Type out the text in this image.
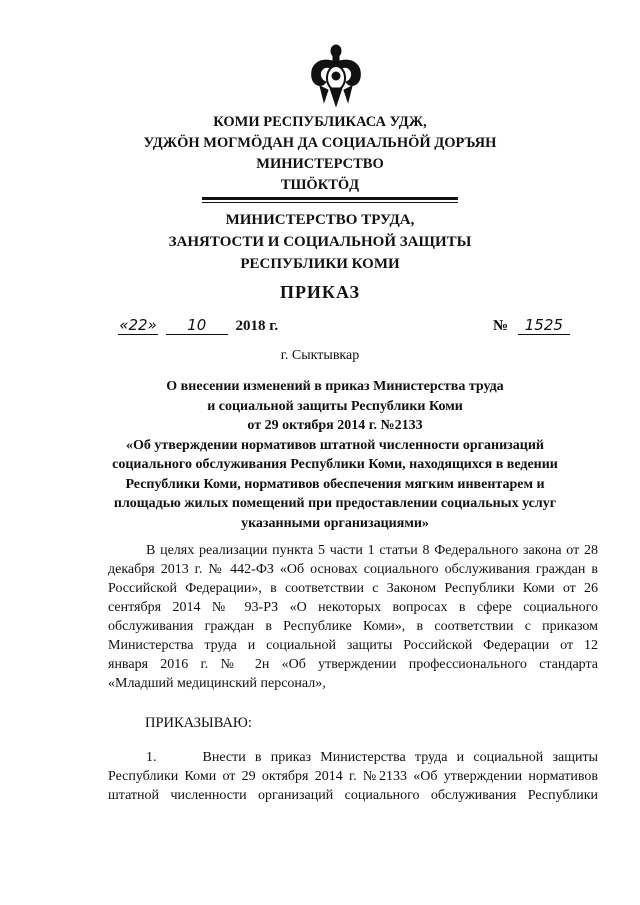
КОМИ РЕСПУБЛИКАСА УДЖ,
УДЖÖН МОГМÖДАН ДА СОЦИАЛЬНÖЙ ДОРЪЯН
МИНИСТЕРСТВО
ТШÖКТÖД
МИНИСТЕРСТВО ТРУДА,
ЗАНЯТОСТИ И СОЦИАЛЬНОЙ ЗАЩИТЫ
РЕСПУБЛИКИ КОМИ
ПРИКАЗ
«22» 10 2018 г.	№ 1525
г. Сыктывкар
О внесении изменений в приказ Министерства труда
и социальной защиты Республики Коми
от 29 октября 2014 г. №2133
«Об утверждении нормативов штатной численности организаций
социального обслуживания Республики Коми, находящихся в ведении
Республики Коми, нормативов обеспечения мягким инвентарем и
площадью жилых помещений при предоставлении социальных услуг
указанными организациями»
В целях реализации пункта 5 части 1 статьи 8 Федерального закона от 28
декабря 2013 г. № 442-ФЗ «Об основах социального обслуживания граждан в
Российской Федерации», в соответствии с Законом Республики Коми от 26
сентября 2014 № 93-РЗ «О некоторых вопросах в сфере социального
обслуживания граждан в Республике Коми», в соответствии с приказом
Министерства труда и социальной защиты Российской Федерации от 12
января 2016 г. № 2н «Об утверждении профессионального стандарта
«Младший медицинский персонал»,
ПРИКАЗЫВАЮ:
1.     Внести в приказ Министерства труда и социальной защиты
Республики Коми от 29 октября 2014 г. №2133 «Об утверждении нормативов
штатной численности организаций социального обслуживания Республики
